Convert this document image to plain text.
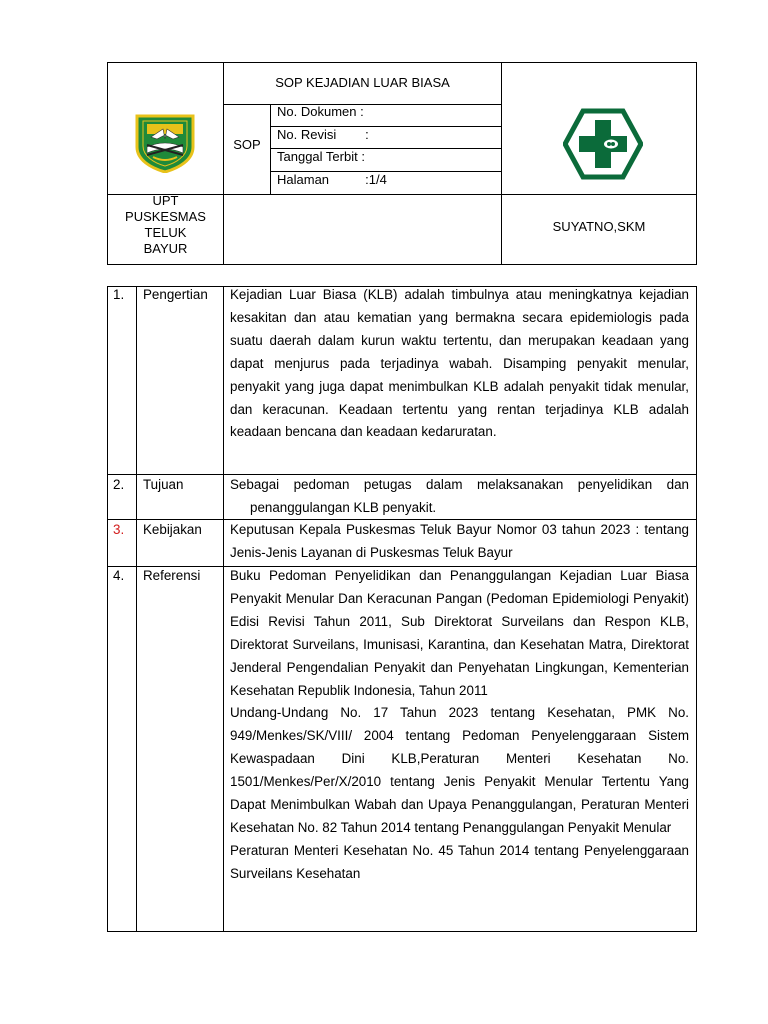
SOP KEJADIAN LUAR BIASA
SOP
No. Dokumen :
No. Revisi        :
Tanggal Terbit :
Halaman          :1/4
UPT
PUSKESMAS
TELUK
BAYUR
SUYATNO,SKM
1. Pengertian Kejadian Luar Biasa (KLB) adalah timbulnya atau meningkatnya kejadian kesakitan dan atau kematian yang bermakna secara epidemiologis pada suatu daerah dalam kurun waktu tertentu, dan merupakan keadaan yang dapat menjurus pada terjadinya wabah. Disamping penyakit menular, penyakit yang juga dapat menimbulkan KLB adalah penyakit tidak menular, dan keracunan. Keadaan tertentu yang rentan terjadinya KLB adalah keadaan bencana dan keadaan kedaruratan.
2. Tujuan	Sebagai pedoman petugas dalam melaksanakan penyelidikan dan
penanggulangan KLB penyakit.
3. Kebijakan Keputusan Kepala Puskesmas Teluk Bayur Nomor 03 tahun 2023 : tentang Jenis-Jenis Layanan di Puskesmas Teluk Bayur
4. Referensi Buku Pedoman Penyelidikan dan Penanggulangan Kejadian Luar Biasa Penyakit Menular Dan Keracunan Pangan (Pedoman Epidemiologi Penyakit) Edisi Revisi Tahun 2011, Sub Direktorat Surveilans dan Respon KLB, Direktorat Surveilans, Imunisasi, Karantina, dan Kesehatan Matra, Direktorat Jenderal Pengendalian Penyakit dan Penyehatan Lingkungan, Kementerian Kesehatan Republik Indonesia, Tahun 2011
Undang-Undang No. 17 Tahun 2023 tentang Kesehatan, PMK No. 949/Menkes/SK/VIII/ 2004 tentang Pedoman Penyelenggaraan Sistem Kewaspadaan Dini KLB,Peraturan Menteri Kesehatan No. 1501/Menkes/Per/X/2010 tentang Jenis Penyakit Menular Tertentu Yang Dapat Menimbulkan Wabah dan Upaya Penanggulangan, Peraturan Menteri Kesehatan No. 82 Tahun 2014 tentang Penanggulangan Penyakit Menular
Peraturan Menteri Kesehatan No. 45 Tahun 2014 tentang Penyelenggaraan Surveilans Kesehatan
